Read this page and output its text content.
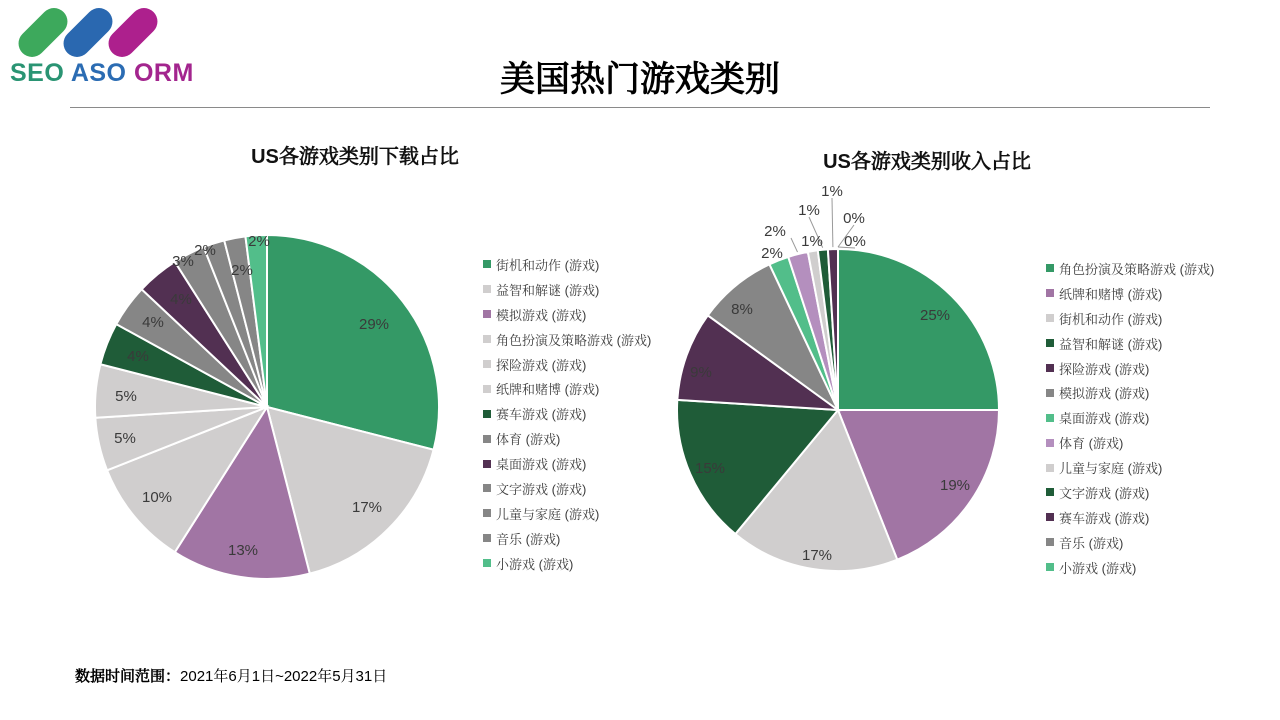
SEO ASO ORM	美国热门游戏类别
US各游戏类别下载占比
29%
17%
13%
10%
5%
5%
4%
4%
4%
3%
2%
2%
2%
街机和动作 (游戏)
益智和解谜 (游戏)
模拟游戏 (游戏)
角色扮演及策略游戏 (游戏)
探险游戏 (游戏)
纸牌和赌博 (游戏)
赛车游戏 (游戏)
体育 (游戏)
桌面游戏 (游戏)
文字游戏 (游戏)
儿童与家庭 (游戏)
音乐 (游戏)
小游戏 (游戏)
US各游戏类别收入占比
25%
19%
17%
15%
9%
8%
2%
2%
1%
1%
1%
0%
0%
角色扮演及策略游戏 (游戏)
纸牌和赌博 (游戏)
街机和动作 (游戏)
益智和解谜 (游戏)
探险游戏 (游戏)
模拟游戏 (游戏)
桌面游戏 (游戏)
体育 (游戏)
儿童与家庭 (游戏)
文字游戏 (游戏)
赛车游戏 (游戏)
音乐 (游戏)
小游戏 (游戏)
数据时间范围：2021年6月1日~2022年5月31日
